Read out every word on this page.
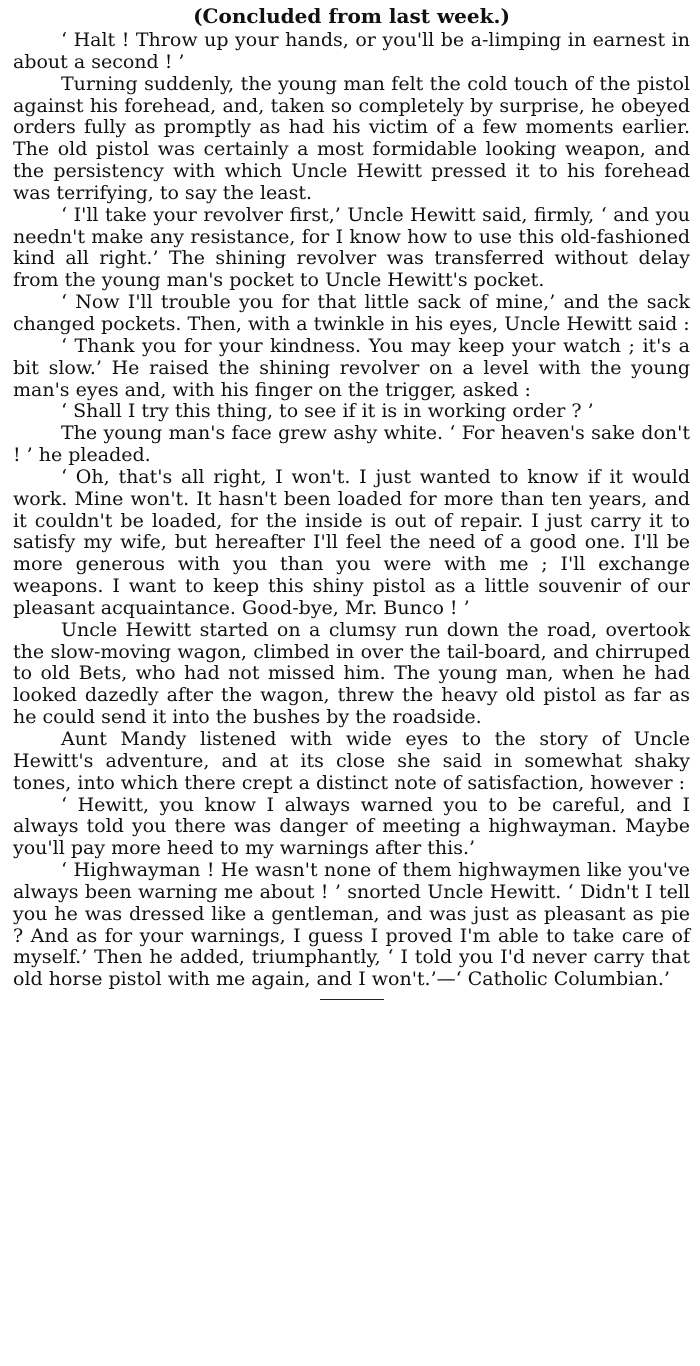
(Concluded from last week.)

‘ Halt ! Throw up your hands, or you'll be a-limping in earnest in about a second ! ’

Turning suddenly, the young man felt the cold touch of the pistol against his forehead, and, taken so completely by surprise, he obeyed orders fully as promptly as had his victim of a few moments earlier. The old pistol was certainly a most formidable looking weapon, and the persistency with which Uncle Hewitt pressed it to his forehead was terrifying, to say the least.

‘ I'll take your revolver first,’ Uncle Hewitt said, firmly, ‘ and you needn't make any resistance, for I know how to use this old-fashioned kind all right.’ The shining revolver was transferred without delay from the young man's pocket to Uncle Hewitt's pocket.

‘ Now I'll trouble you for that little sack of mine,’ and the sack changed pockets. Then, with a twinkle in his eyes, Uncle Hewitt said :

‘ Thank you for your kindness. You may keep your watch ; it's a bit slow.’ He raised the shining revolver on a level with the young man's eyes and, with his finger on the trigger, asked :

‘ Shall I try this thing, to see if it is in working order ? ’

The young man's face grew ashy white. ‘ For heaven's sake don't ! ’ he pleaded.

‘ Oh, that's all right, I won't. I just wanted to know if it would work. Mine won't. It hasn't been loaded for more than ten years, and it couldn't be loaded, for the inside is out of repair. I just carry it to satisfy my wife, but hereafter I'll feel the need of a good one. I'll be more generous with you than you were with me ; I'll exchange weapons. I want to keep this shiny pistol as a little souvenir of our pleasant acquaintance. Good-bye, Mr. Bunco ! ’

Uncle Hewitt started on a clumsy run down the road, overtook the slow-moving wagon, climbed in over the tail-board, and chirruped to old Bets, who had not missed him. The young man, when he had looked dazedly after the wagon, threw the heavy old pistol as far as he could send it into the bushes by the roadside.

Aunt Mandy listened with wide eyes to the story of Uncle Hewitt's adventure, and at its close she said in somewhat shaky tones, into which there crept a distinct note of satisfaction, however :

‘ Hewitt, you know I always warned you to be careful, and I always told you there was danger of meeting a highwayman. Maybe you'll pay more heed to my warnings after this.’

‘ Highwayman ! He wasn't none of them highwaymen like you've always been warning me about ! ’ snorted Uncle Hewitt. ‘ Didn't I tell you he was dressed like a gentleman, and was just as pleasant as pie ? And as for your warnings, I guess I proved I'm able to take care of myself.’ Then he added, triumphantly, ‘ I told you I'd never carry that old horse pistol with me again, and I won't.’—‘ Catholic Columbian.’
